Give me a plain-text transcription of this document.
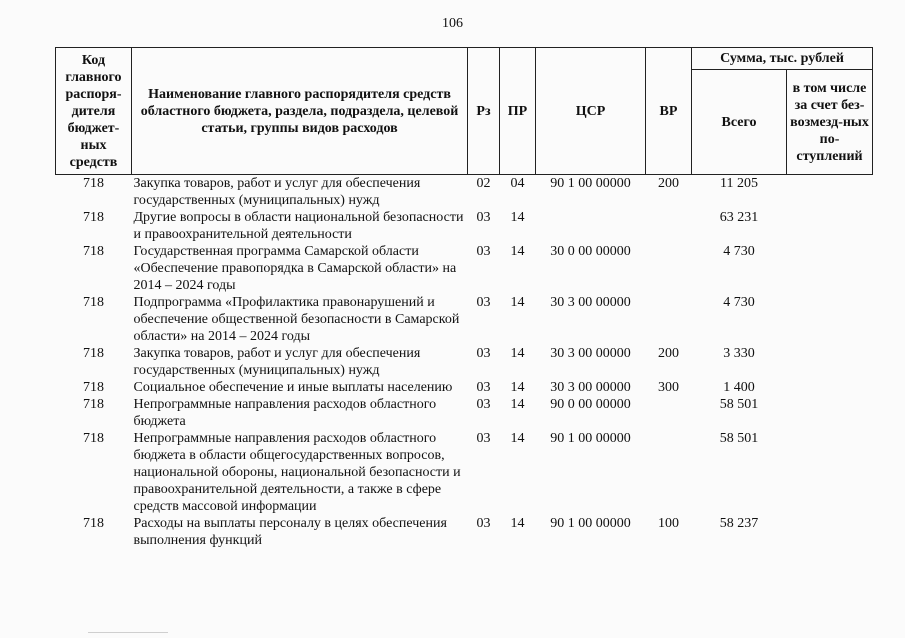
106
Код главного распоря-дителя бюджет-ных средств	Наименование главного распорядителя средств областного бюджета, раздела, подраздела, целевой статьи, группы видов расходов	Рз	ПР	ЦСР	ВР	Сумма, тыс. рублей	
						Всего	в том числе за счет без-возмезд-ных по-ступлений
718	Закупка товаров, работ и услуг для обеспечения государственных (муниципальных) нужд	02	04	90 1 00 00000	200	11 205	
718	Другие вопросы в области национальной безопасности и правоохранительной деятельности	03	14			63 231	
718	Государственная программа Самарской области «Обеспечение правопорядка в Самарской области» на 2014 – 2024 годы	03	14	30 0 00 00000		4 730	
718	Подпрограмма «Профилактика правонарушений и обеспечение общественной безопасности в Самарской области» на 2014 – 2024 годы	03	14	30 3 00 00000		4 730	
718	Закупка товаров, работ и услуг для обеспечения государственных (муниципальных) нужд	03	14	30 3 00 00000	200	3 330	
718	Социальное обеспечение и иные выплаты населению	03	14	30 3 00 00000	300	1 400	
718	Непрограммные направления расходов областного бюджета	03	14	90 0 00 00000		58 501	
718	Непрограммные направления расходов областного бюджета в области общегосударственных вопросов, национальной обороны, национальной безопасности и правоохранительной деятельности, а также в сфере средств массовой информации	03	14	90 1 00 00000		58 501	
718	Расходы на выплаты персоналу в целях обеспечения выполнения функций	03	14	90 1 00 00000	100	58 237	
